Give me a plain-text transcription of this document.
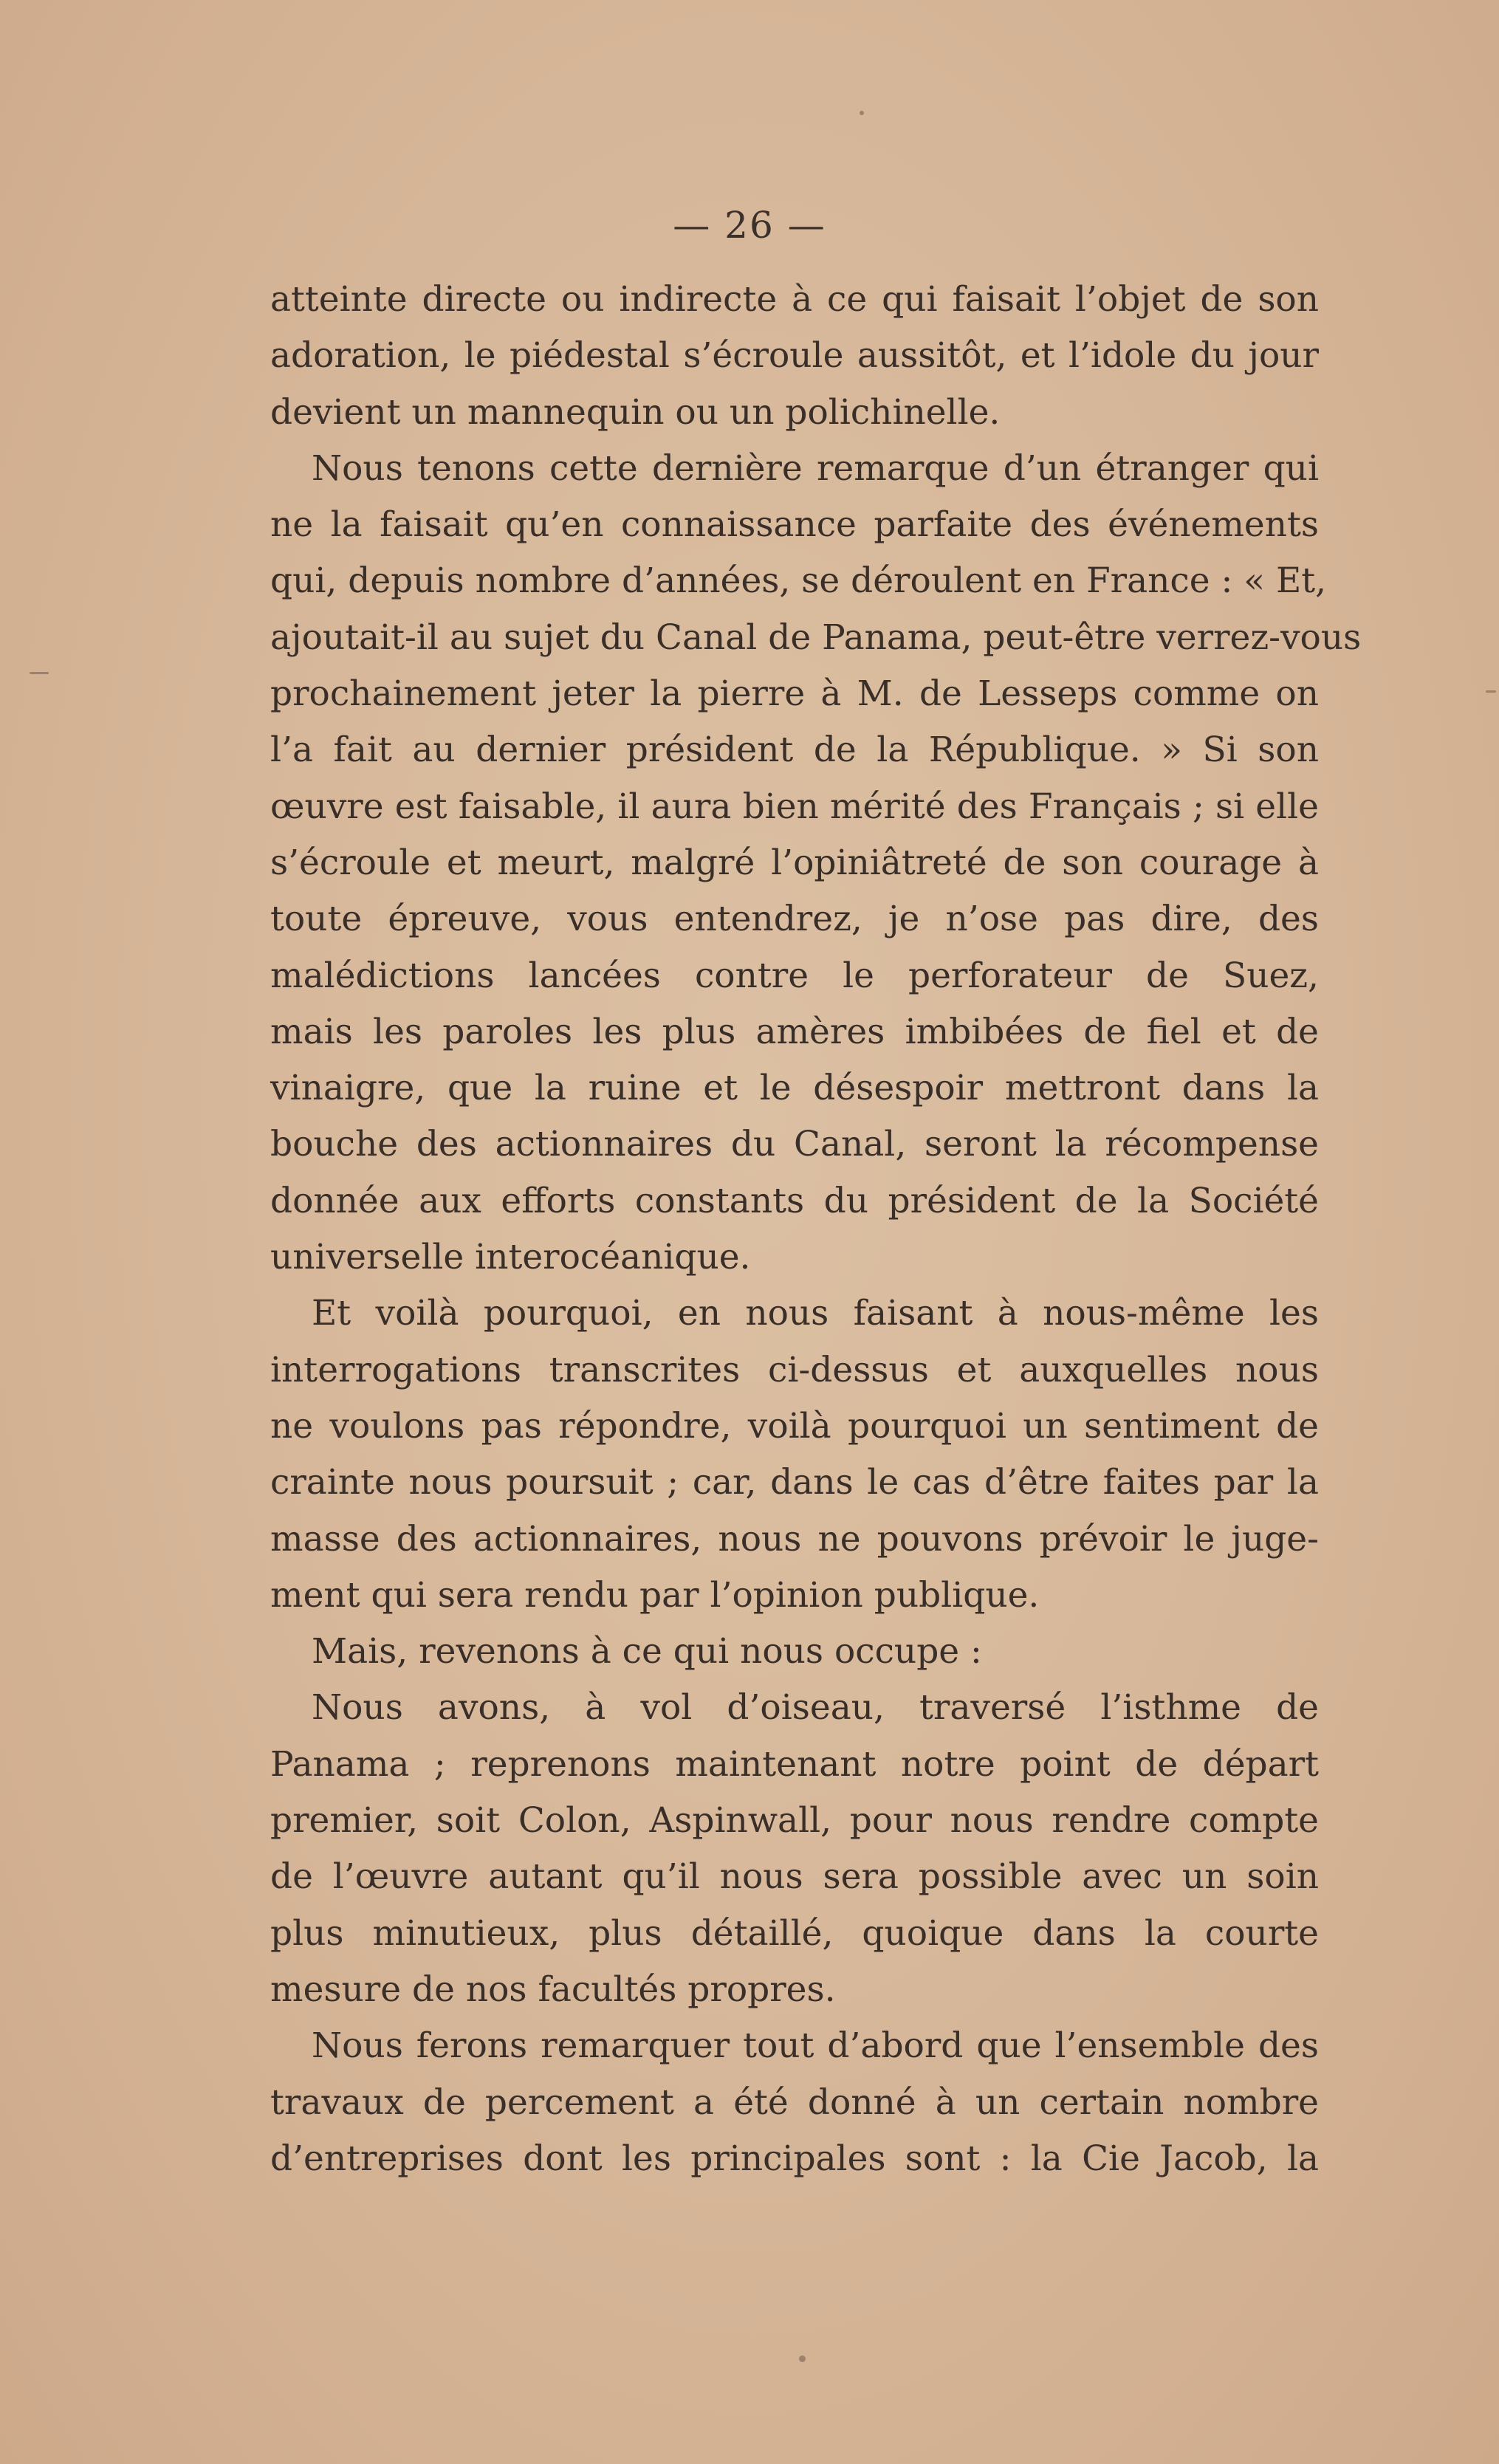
— 26 —
atteinte directe ou indirecte à ce qui faisait l’objet de son
adoration, le piédestal s’écroule aussitôt, et l’idole du jour
devient un mannequin ou un polichinelle.
Nous tenons cette dernière remarque d’un étranger qui
ne la faisait qu’en connaissance parfaite des événements
qui, depuis nombre d’années, se déroulent en France : « Et,
ajoutait-il au sujet du Canal de Panama, peut-être verrez-vous
prochainement jeter la pierre à M. de Lesseps comme on
l’a fait au dernier président de la République. » Si son
œuvre est faisable, il aura bien mérité des Français ; si elle
s’écroule et meurt, malgré l’opiniâtreté de son courage à
toute épreuve, vous entendrez, je n’ose pas dire, des
malédictions lancées contre le perforateur de Suez,
mais les paroles les plus amères imbibées de fiel et de
vinaigre, que la ruine et le désespoir mettront dans la
bouche des actionnaires du Canal, seront la récompense
donnée aux efforts constants du président de la Société
universelle interocéanique.
Et voilà pourquoi, en nous faisant à nous-même les
interrogations transcrites ci-dessus et auxquelles nous
ne voulons pas répondre, voilà pourquoi un sentiment de
crainte nous poursuit ; car, dans le cas d’être faites par la
masse des actionnaires, nous ne pouvons prévoir le juge-
ment qui sera rendu par l’opinion publique.
Mais, revenons à ce qui nous occupe :
Nous avons, à vol d’oiseau, traversé l’isthme de
Panama ; reprenons maintenant notre point de départ
premier, soit Colon, Aspinwall, pour nous rendre compte
de l’œuvre autant qu’il nous sera possible avec un soin
plus minutieux, plus détaillé, quoique dans la courte
mesure de nos facultés propres.
Nous ferons remarquer tout d’abord que l’ensemble des
travaux de percement a été donné à un certain nombre
d’entreprises dont les principales sont : la Cie Jacob, la
